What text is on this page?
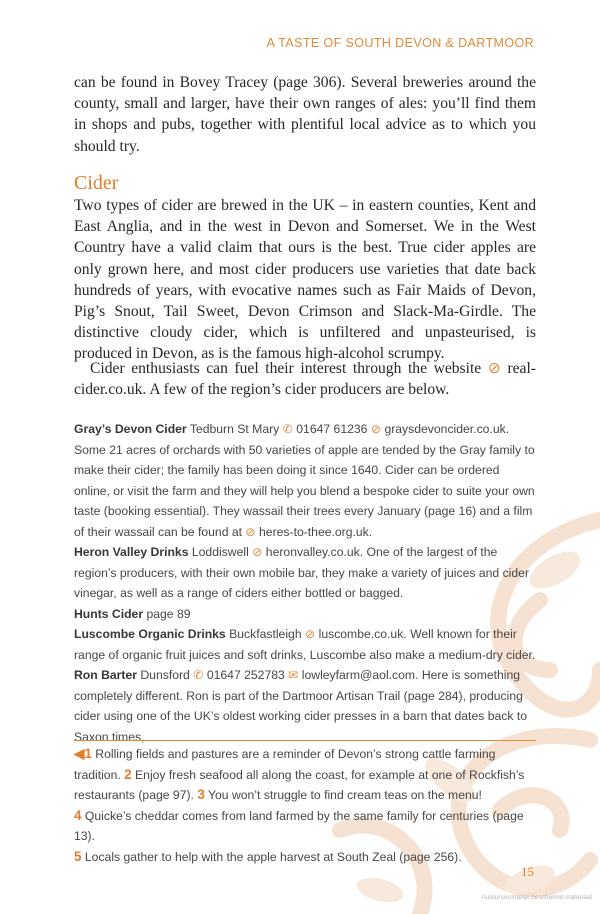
A TASTE OF SOUTH DEVON & DARTMOOR
can be found in Bovey Tracey (page 306). Several breweries around the county, small and larger, have their own ranges of ales: you’ll find them in shops and pubs, together with plentiful local advice as to which you should try.
Cider
Two types of cider are brewed in the UK – in eastern counties, Kent and East Anglia, and in the west in Devon and Somerset. We in the West Country have a valid claim that ours is the best. True cider apples are only grown here, and most cider producers use varieties that date back hundreds of years, with evocative names such as Fair Maids of Devon, Pig’s Snout, Tail Sweet, Devon Crimson and Slack-Ma-Girdle. The distinctive cloudy cider, which is unfiltered and unpasteurised, is produced in Devon, as is the famous high-alcohol scrumpy.
Cider enthusiasts can fuel their interest through the website ⊘ real-cider.co.uk. A few of the region’s cider producers are below.

Gray’s Devon Cider Tedburn St Mary ✆ 01647 61236 ⊘ graysdevoncider.co.uk. Some 21 acres of orchards with 50 varieties of apple are tended by the Gray family to make their cider; the family has been doing it since 1640. Cider can be ordered online, or visit the farm and they will help you blend a bespoke cider to suite your own taste (booking essential). They wassail their trees every January (page 16) and a film of their wassail can be found at ⊘ heres-to-thee.org.uk.

Heron Valley Drinks Loddiswell ⊘ heronvalley.co.uk. One of the largest of the region’s producers, with their own mobile bar, they make a variety of juices and cider vinegar, as well as a range of ciders either bottled or bagged.

Hunts Cider page 89

Luscombe Organic Drinks Buckfastleigh ⊘ luscombe.co.uk. Well known for their range of organic fruit juices and soft drinks, Luscombe also make a medium-dry cider.

Ron Barter Dunsford ✆ 01647 252783 ✉ lowleyfarm@aol.com. Here is something completely different. Ron is part of the Dartmoor Artisan Trail (page 284), producing cider using one of the UK’s oldest working cider presses in a barn that dates back to Saxon times,

◀1 Rolling fields and pastures are a reminder of Devon’s strong cattle farming tradition. 2 Enjoy fresh seafood all along the coast, for example at one of Rockfish’s restaurants (page 97). 3 You won’t struggle to find cream teas on the menu!

4 Quicke’s cheddar comes from land farmed by the same family for centuries (page 13).

5 Locals gather to help with the apple harvest at South Zeal (page 256).

15
Auteursrechtelijk beschermd materiaal
